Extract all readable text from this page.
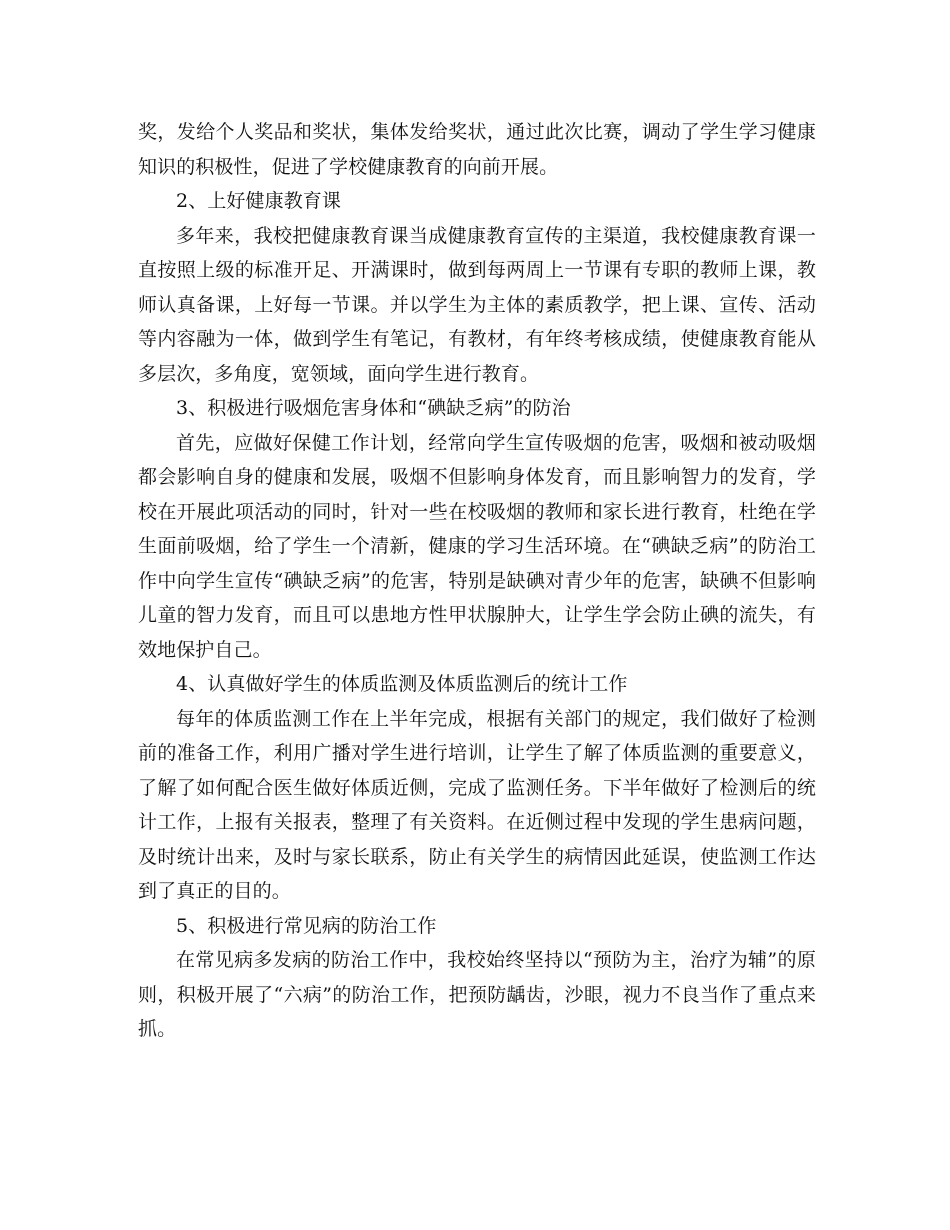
奖，发给个人奖品和奖状，集体发给奖状，通过此次比赛，调动了学生学习健康知识的积极性，促进了学校健康教育的向前开展。

2、上好健康教育课

多年来，我校把健康教育课当成健康教育宣传的主渠道，我校健康教育课一直按照上级的标准开足、开满课时，做到每两周上一节课有专职的教师上课，教师认真备课，上好每一节课。并以学生为主体的素质教学，把上课、宣传、活动等内容融为一体，做到学生有笔记，有教材，有年终考核成绩，使健康教育能从多层次，多角度，宽领域，面向学生进行教育。

3、积极进行吸烟危害身体和“碘缺乏病”的防治

首先，应做好保健工作计划，经常向学生宣传吸烟的危害，吸烟和被动吸烟都会影响自身的健康和发展，吸烟不但影响身体发育，而且影响智力的发育，学校在开展此项活动的同时，针对一些在校吸烟的教师和家长进行教育，杜绝在学生面前吸烟，给了学生一个清新，健康的学习生活环境。在“碘缺乏病”的防治工作中向学生宣传“碘缺乏病”的危害，特别是缺碘对青少年的危害，缺碘不但影响儿童的智力发育，而且可以患地方性甲状腺肿大，让学生学会防止碘的流失，有效地保护自己。

4、认真做好学生的体质监测及体质监测后的统计工作

每年的体质监测工作在上半年完成，根据有关部门的规定，我们做好了检测前的准备工作，利用广播对学生进行培训，让学生了解了体质监测的重要意义，了解了如何配合医生做好体质近侧，完成了监测任务。下半年做好了检测后的统计工作，上报有关报表，整理了有关资料。在近侧过程中发现的学生患病问题，及时统计出来，及时与家长联系，防止有关学生的病情因此延误，使监测工作达到了真正的目的。

5、积极进行常见病的防治工作

在常见病多发病的防治工作中，我校始终坚持以“预防为主，治疗为辅”的原则，积极开展了“六病”的防治工作，把预防龋齿，沙眼，视力不良当作了重点来抓。
